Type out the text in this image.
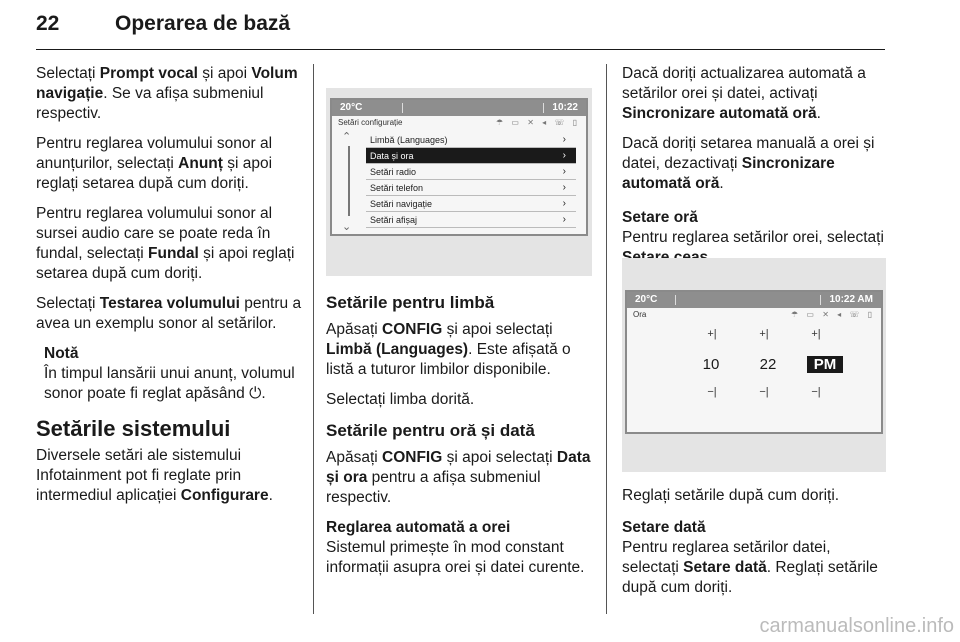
22	Operarea de bază

Selectați Prompt vocal și apoi Volum navigație. Se va afișa submeniul respectiv.

Pentru reglarea volumului sonor al anunțurilor, selectați Anunț și apoi reglați setarea după cum doriți.

Pentru reglarea volumului sonor al sursei audio care se poate reda în fundal, selectați Fundal și apoi reglați setarea după cum doriți.

Selectați Testarea volumului pentru a avea un exemplu sonor al setărilor.

Notă
În timpul lansării unui anunț, volumul sonor poate fi reglat apăsând ⏻.
Setările sistemului

Diversele setări ale sistemului Infotainment pot fi reglate prin intermediul aplicației Configurare.

20°C	10:22
Setări configurație	☂ ▭ ✕ ◂ ☏ ▯
⌃
⌄
Limbă (Languages)	›
Data și ora	›
Setări radio	›
Setări telefon	›
Setări navigație	›
Setări afișaj	›
Setările pentru limbă

Apăsați CONFIG și apoi selectați Limbă (Languages). Este afișată o listă a tuturor limbilor disponibile.

Selectați limba dorită.

Setările pentru oră și dată

Apăsați CONFIG și apoi selectați Data și ora pentru a afișa submeniul respectiv.

Reglarea automată a orei

Sistemul primește în mod constant informații asupra orei și datei curente.

Dacă doriți actualizarea automată a setărilor orei și datei, activați Sincronizare automată oră.

Dacă doriți setarea manuală a orei și datei, dezactivați Sincronizare automată oră.

Setare oră

Pentru reglarea setărilor orei, selectați

20°C	10:22 AM
Ora	☂ ▭ ✕ ◂ ☏ ▯
+|	+|	+|
10	22	PM
−|	−|	−|

Reglați setările după cum doriți.

Setare dată

Pentru reglarea setărilor datei, selectați Setare dată. Reglați setările după cum doriți.

carmanualsonline.info
